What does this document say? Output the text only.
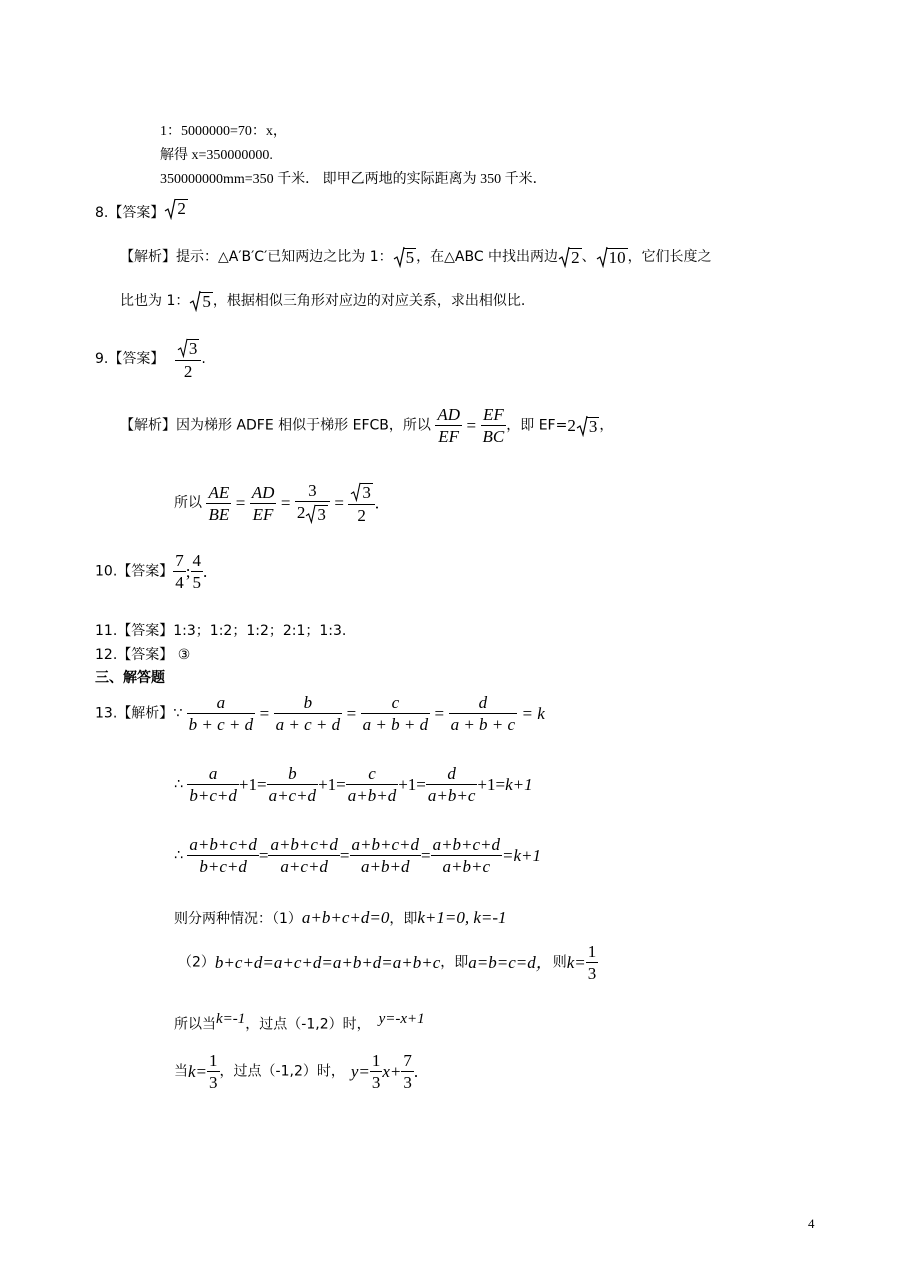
1：5000000=70：x，
解得 x=350000000.
350000000mm=350 千米． 即甲乙两地的实际距离为 350 千米．
8.【答案】 2
【解析】提示：△A′B′C′已知两边之比为 1： 5 ，在△ABC 中找出两边 2 、 10 ，它们长度之
比也为 1： 5 ，根据相似三角形对应边的对应关系，求出相似比.
9.【答案】 $\frac{3}{2}$ .
【解析】因为梯形 ADFE 相似于梯形 EFCB，所以 $\frac{AD}{EF} = \frac{EF}{BC}$ ，即 EF=2 3 ，
所以 $\frac{AE}{BE} = \frac{AD}{EF} = \frac{3}{2 3} = \frac{3}{2}$ .
10.【答案】 $\frac{7}{4}$ ; $\frac{4}{5}$ .
11.【答案】1:3；1:2；1:2；2:1；1:3.
12.【答案】 ③
三、解答题
13.【解析】∵ $\frac{a}{b + c + d} = \frac{b}{a + c + d} = \frac{c}{a + b + d} = \frac{d}{a + b + c} = k$
∴ $\frac{a}{b+c+d} +1= \frac{b}{a+c+d} +1= \frac{c}{a+b+d} +1= \frac{d}{a+b+c} +1=k+1$
∴ $\frac{a+b+c+d}{b+c+d} = \frac{a+b+c+d}{a+c+d} = \frac{a+b+c+d}{a+b+d} = \frac{a+b+c+d}{a+b+c} =k+1$
则分两种情况：（1）a+b+c+d=0，即k+1=0, k=-1
（2）b+c+d=a+c+d=a+b+d=a+b+c，即a=b=c=d，则$k= \frac{1}{3}$
所以当k=-1，过点（-1,2）时， y=-x+1
当$k= \frac{1}{3}$ ，过点（-1,2）时， $y= \frac{1}{3} x+ \frac{7}{3}$ .
4
